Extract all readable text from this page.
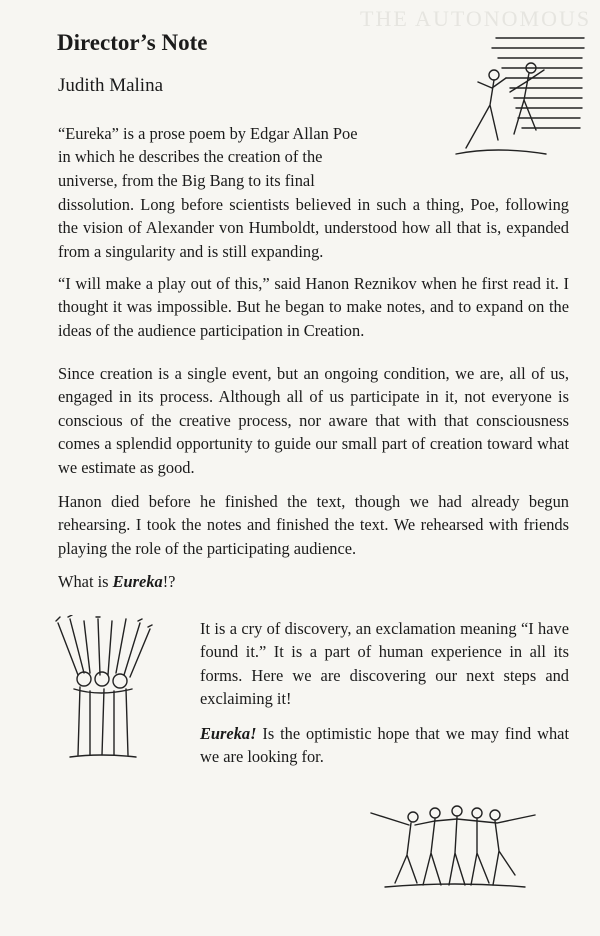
THE AUTONOMOUS
Director’s Note

Judith Malina

“Eureka” is a prose poem by Edgar Allan Poe
in which he describes the creation of the
universe, from the Big Bang to its final

dissolution. Long before scientists believed in such a thing, Poe, following the vision of Alexander von Humboldt, understood how all that is, expanded from a singularity and is still expanding.

“I will make a play out of this,” said Hanon Reznikov when he first read it. I thought it was impossible. But he began to make notes, and to expand on the ideas of the audience participation in Creation.

Since creation is a single event, but an ongoing condition, we are, all of us, engaged in its process. Although all of us participate in it, not everyone is conscious of the creative process, nor aware that with that consciousness comes a splendid opportunity to guide our small part of creation toward what we estimate as good.

Hanon died before he finished the text, though we had already begun rehearsing. I took the notes and finished the text. We rehearsed with friends playing the role of the participating audience.

What is Eureka!?

It is a cry of discovery, an exclamation meaning “I have found it.” It is a part of human experience in all its forms. Here we are discovering our next steps and exclaiming it!

Eureka! Is the optimistic hope that we may find what we are looking for.
